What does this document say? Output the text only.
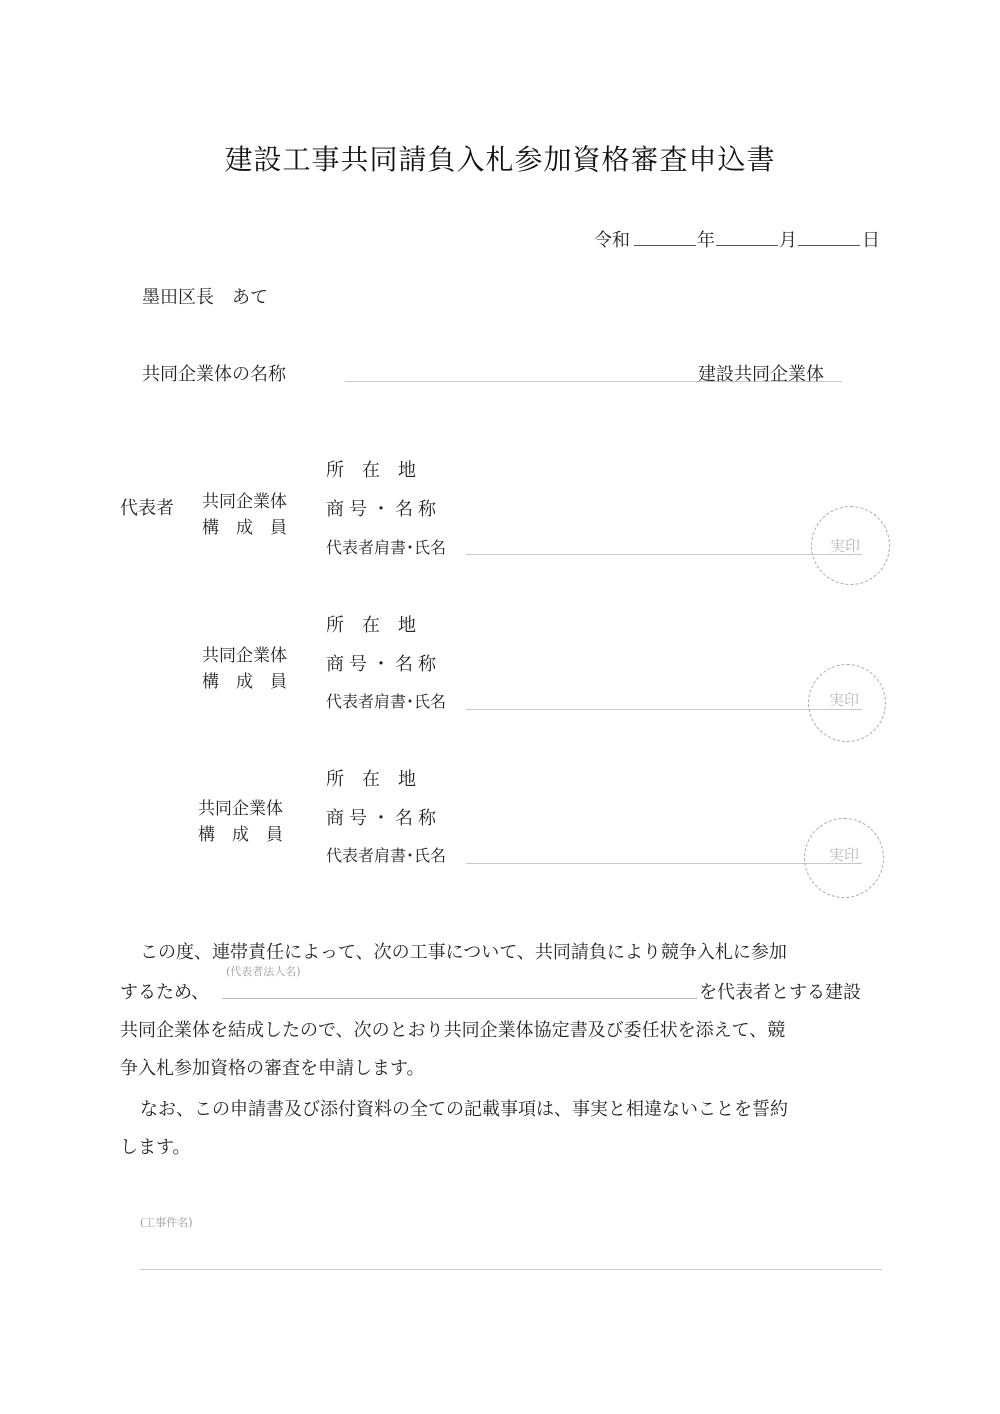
建設工事共同請負入札参加資格審査申込書
令和	年	月	日
墨田区長　あて
共同企業体の名称	建設共同企業体
代表者 共同企業体
構　成　員
所　在　地
商号・名称
代表者肩書･氏名	実印
共同企業体
構　成　員
所　在　地
商号・名称
代表者肩書･氏名	実印
共同企業体
構　成　員
所　在　地
商号・名称
代表者肩書･氏名	実印
この度、連帯責任によって、次の工事について、共同請負により競争入札に参加
(代表者法人名)
するため、	を代表者とする建設
共同企業体を結成したので、次のとおり共同企業体協定書及び委任状を添えて、競
争入札参加資格の審査を申請します。
なお、この申請書及び添付資料の全ての記載事項は、事実と相違ないことを誓約
します。
(工事件名)
